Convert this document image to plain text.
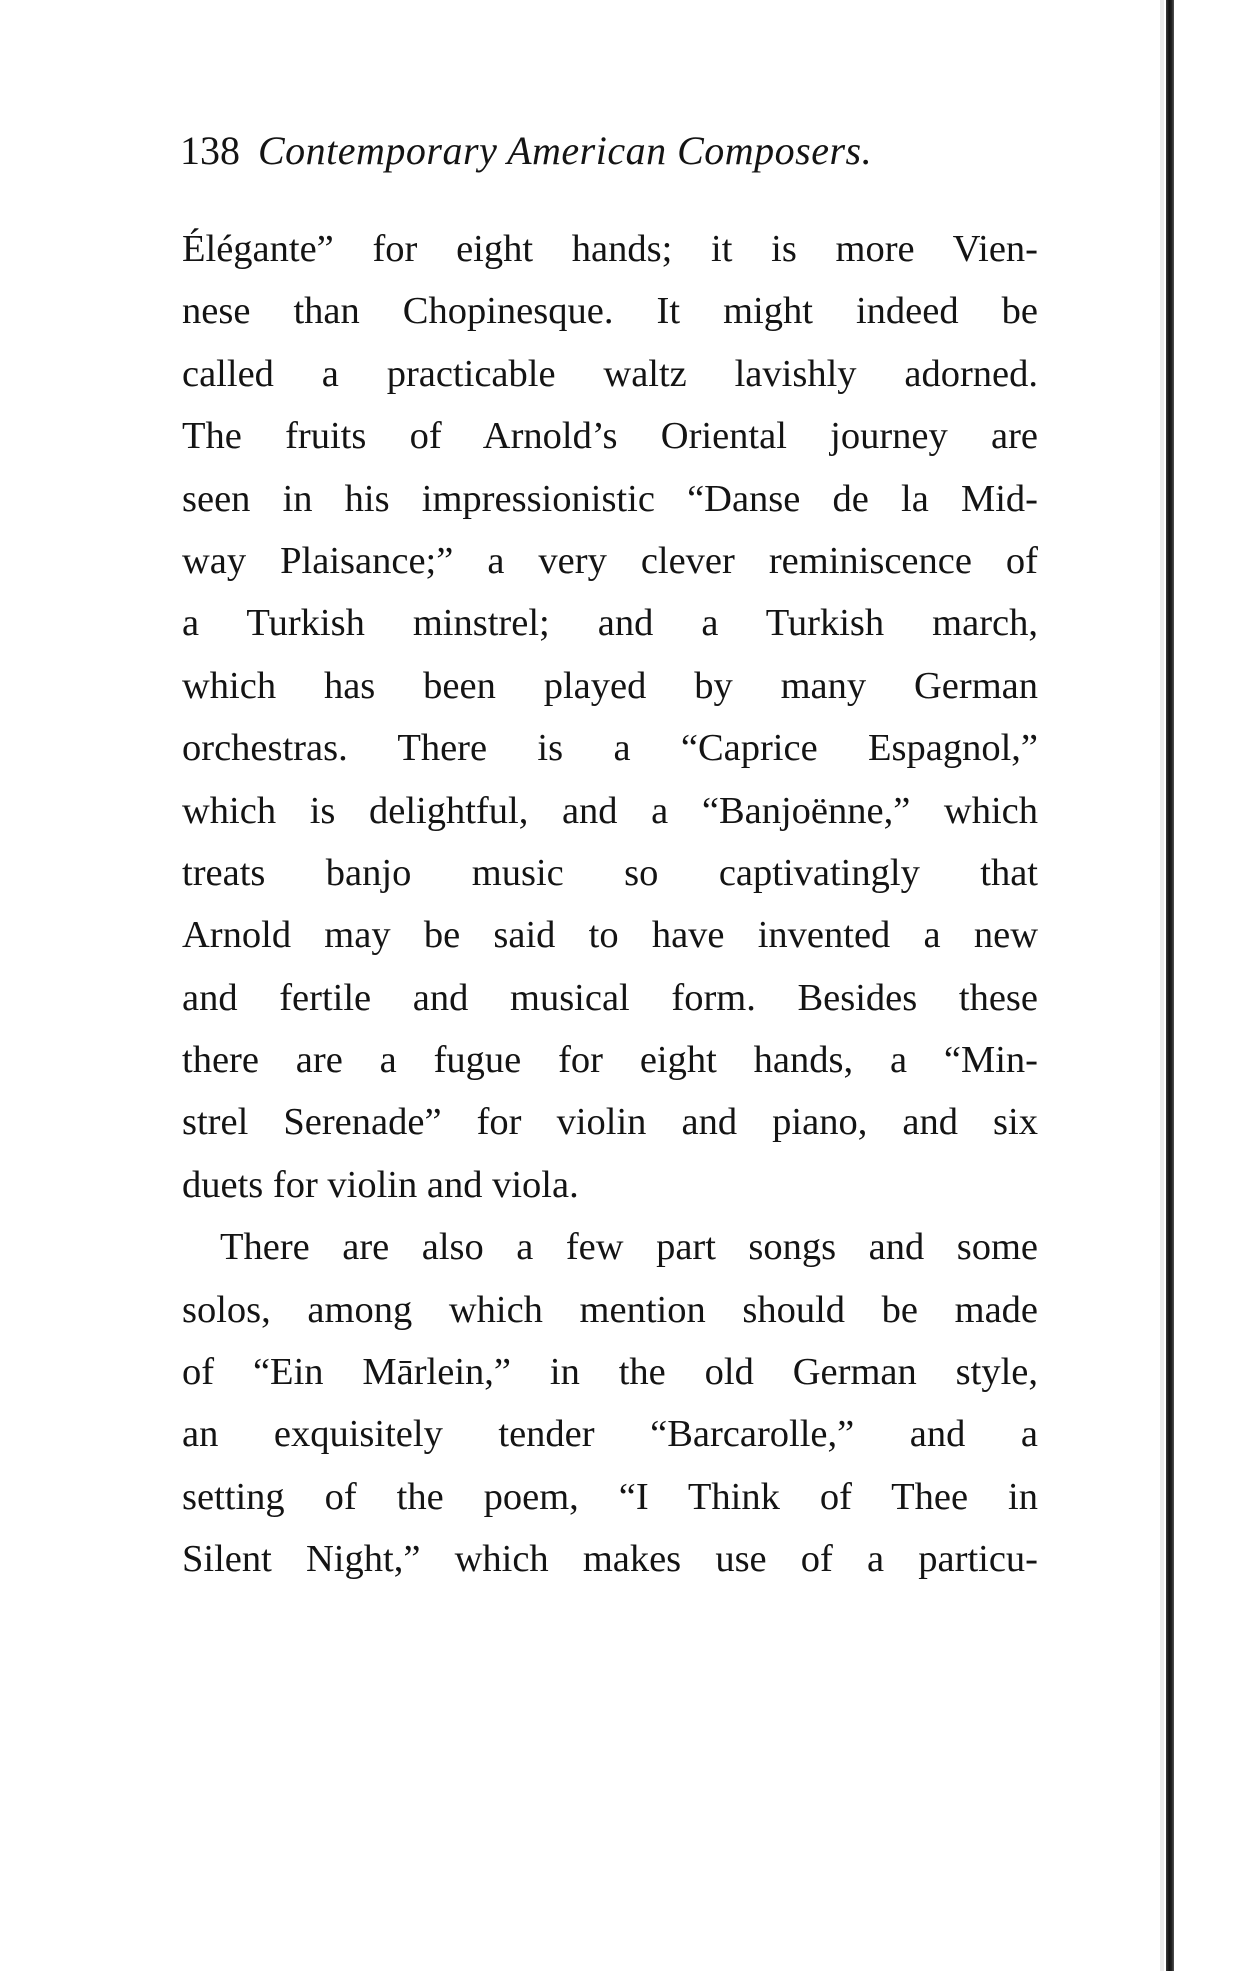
138 Contemporary American Composers.
Élégante” for eight hands; it is more Vien-
nese than Chopinesque. It might indeed be
called a practicable waltz lavishly adorned.
The fruits of Arnold’s Oriental journey are
seen in his impressionistic “Danse de la Mid-
way Plaisance;” a very clever reminiscence of
a Turkish minstrel; and a Turkish march,
which has been played by many German
orchestras. There is a “Caprice Espagnol,”
which is delightful, and a “Banjoënne,” which
treats banjo music so captivatingly that
Arnold may be said to have invented a new
and fertile and musical form. Besides these
there are a fugue for eight hands, a “Min-
strel Serenade” for violin and piano, and six
duets for violin and viola.
There are also a few part songs and some
solos, among which mention should be made
of “Ein Mārlein,” in the old German style,
an exquisitely tender “Barcarolle,” and a
setting of the poem, “I Think of Thee in
Silent Night,” which makes use of a particu-
